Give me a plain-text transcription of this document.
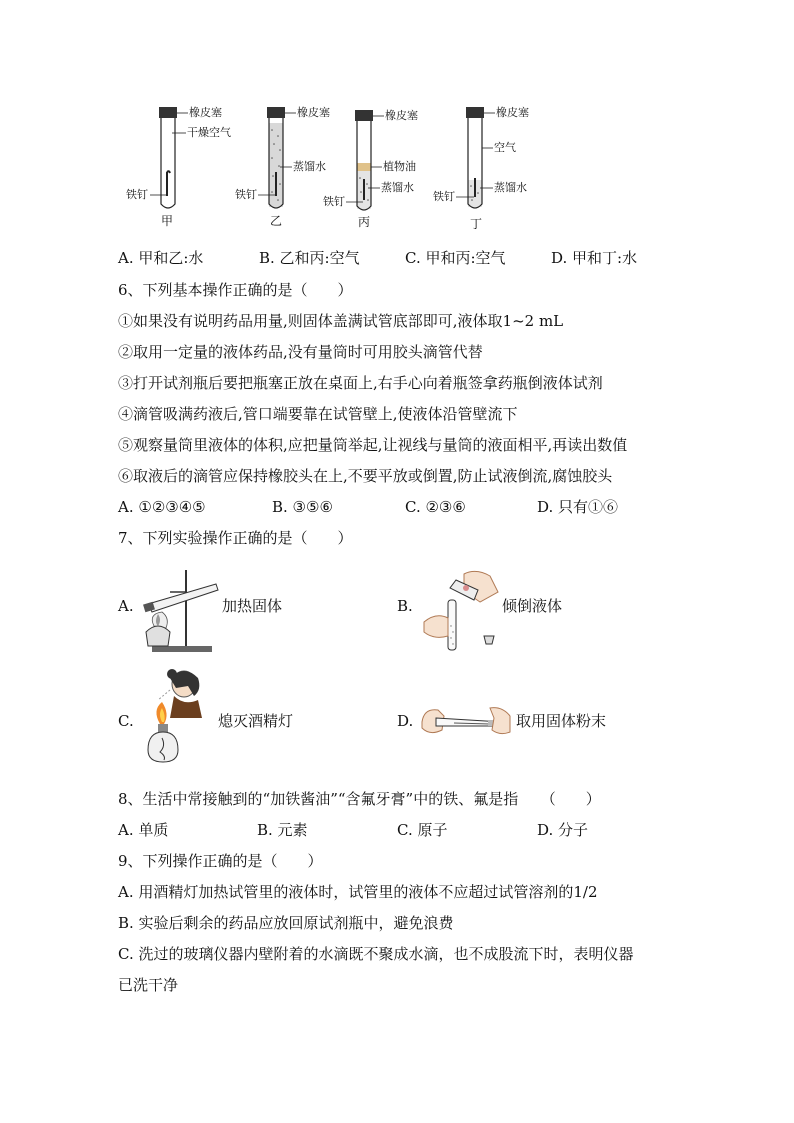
橡皮塞
干燥空气
铁钉
甲
橡皮塞
蒸馏水
铁钉
乙
橡皮塞
植物油
蒸馏水
铁钉
丙
橡皮塞
空气
蒸馏水
铁钉
丁
A. 甲和乙:水	B. 乙和丙:空气	C. 甲和丙:空气	D. 甲和丁:水
6、下列基本操作正确的是（　　）
①如果没有说明药品用量,则固体盖满试管底部即可,液体取1~2 mL
②取用一定量的液体药品,没有量筒时可用胶头滴管代替
③打开试剂瓶后要把瓶塞正放在桌面上,右手心向着瓶签拿药瓶倒液体试剂
④滴管吸满药液后,管口端要靠在试管壁上,使液体沿管壁流下
⑤观察量筒里液体的体积,应把量筒举起,让视线与量筒的液面相平,再读出数值
⑥取液后的滴管应保持橡胶头在上,不要平放或倒置,防止试液倒流,腐蚀胶头
A. ①②③④⑤	B. ③⑤⑥	C. ②③⑥	D. 只有①⑥
7、下列实验操作正确的是（　　）
A.	加热固体	B.	倾倒液体
C.	熄灭酒精灯	D.	取用固体粉末
8、生活中常接触到的“加铁酱油”“含氟牙膏”中的铁、氟是指　　（　　）
A. 单质	B. 元素	C. 原子	D. 分子
9、下列操作正确的是（　　）
A. 用酒精灯加热试管里的液体时，试管里的液体不应超过试管溶剂的1/2
B. 实验后剩余的药品应放回原试剂瓶中，避免浪费
C. 洗过的玻璃仪器内壁附着的水滴既不聚成水滴，也不成股流下时，表明仪器
已洗干净
